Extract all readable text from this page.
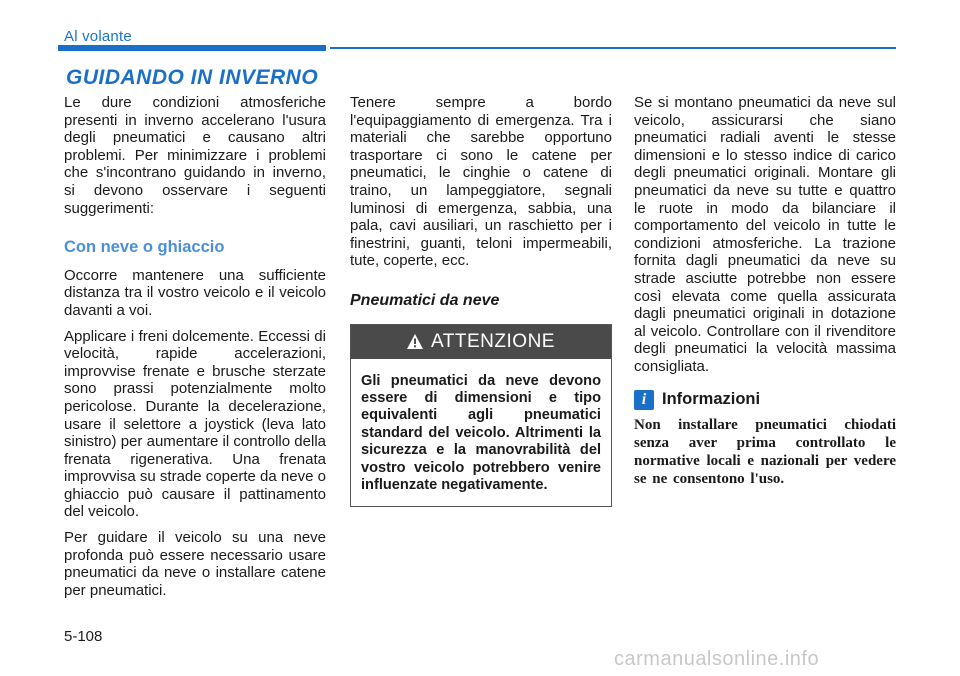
Al volante
GUIDANDO IN INVERNO

Le dure condizioni atmosferiche presenti in inverno accelerano l'usura degli pneumatici e causano altri problemi. Per minimizzare i problemi che s'incontrano guidando in inverno, si devono osservare i seguenti suggerimenti:

Con neve o ghiaccio

Occorre mantenere una sufficiente distanza tra il vostro veicolo e il veicolo davanti a voi.

Applicare i freni dolcemente. Eccessi di velocità, rapide accelerazioni, improvvise frenate e brusche sterzate sono prassi potenzialmente molto pericolose. Durante la decelerazione, usare il selettore a joystick (leva lato sinistro) per aumentare il controllo della frenata rigenerativa. Una frenata improvvisa su strade coperte da neve o ghiaccio può causare il pattinamento del veicolo.

Per guidare il veicolo su una neve profonda può essere necessario usare pneumatici da neve o installare catene per pneumatici.

Tenere sempre a bordo l'equipaggiamento di emergenza. Tra i materiali che sarebbe opportuno trasportare ci sono le catene per pneumatici, le cinghie o catene di traino, un lampeggiatore, segnali luminosi di emergenza, sabbia, una pala, cavi ausiliari, un raschietto per i finestrini, guanti, teloni impermeabili, tute, coperte, ecc.

Pneumatici da neve
ATTENZIONE
Gli pneumatici da neve devono essere di dimensioni e tipo equivalenti agli pneumatici standard del veicolo. Altrimenti la sicurezza e la manovrabilità del vostro veicolo potrebbero venire influenzate negativamente.

Se si montano pneumatici da neve sul veicolo, assicurarsi che siano pneumatici radiali aventi le stesse dimensioni e lo stesso indice di carico degli pneumatici originali. Montare gli pneumatici da neve su tutte e quattro le ruote in modo da bilanciare il comportamento del veicolo in tutte le condizioni atmosferiche. La trazione fornita dagli pneumatici da neve su strade asciutte potrebbe non essere così elevata come quella assicurata dagli pneumatici originali in dotazione al veicolo. Controllare con il rivenditore degli pneumatici la velocità massima consigliata.

i Informazioni
Non installare pneumatici chiodati senza aver prima controllato le normative locali e nazionali per vedere se ne consentono l'uso.
5-108
carmanualsonline.info
